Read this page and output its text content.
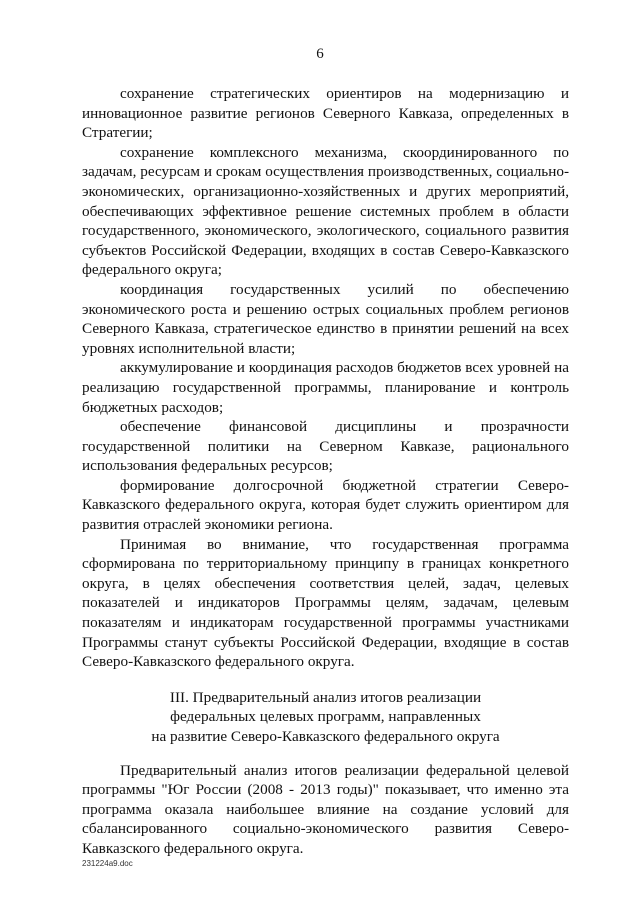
6

сохранение стратегических ориентиров на модернизацию и инновационное развитие регионов Северного Кавказа, определенных в Стратегии;

сохранение комплексного механизма, скоординированного по задачам, ресурсам и срокам осуществления производственных, социально-экономических, организационно-хозяйственных и других мероприятий, обеспечивающих эффективное решение системных проблем в области государственного, экономического, экологического, социального развития субъектов Российской Федерации, входящих в состав Северо-Кавказского федерального округа;

координация государственных усилий по обеспечению экономического роста и решению острых социальных проблем регионов Северного Кавказа, стратегическое единство в принятии решений на всех уровнях исполнительной власти;

аккумулирование и координация расходов бюджетов всех уровней на реализацию государственной программы, планирование и контроль бюджетных расходов;

обеспечение финансовой дисциплины и прозрачности государственной политики на Северном Кавказе, рационального использования федеральных ресурсов;

формирование долгосрочной бюджетной стратегии Северо-Кавказского федерального округа, которая будет служить ориентиром для развития отраслей экономики региона.

Принимая во внимание, что государственная программа сформирована по территориальному принципу в границах конкретного округа, в целях обеспечения соответствия целей, задач, целевых показателей и индикаторов Программы целям, задачам, целевым показателям и индикаторам государственной программы участниками Программы станут субъекты Российской Федерации, входящие в состав Северо-Кавказского федерального округа.

III. Предварительный анализ итогов реализации
федеральных целевых программ, направленных
на развитие Северо-Кавказского федерального округа

Предварительный анализ итогов реализации федеральной целевой программы "Юг России (2008 - 2013 годы)" показывает, что именно эта программа оказала наибольшее влияние на создание условий для сбалансированного социально-экономического развития Северо-Кавказского федерального округа.

231224a9.doc
